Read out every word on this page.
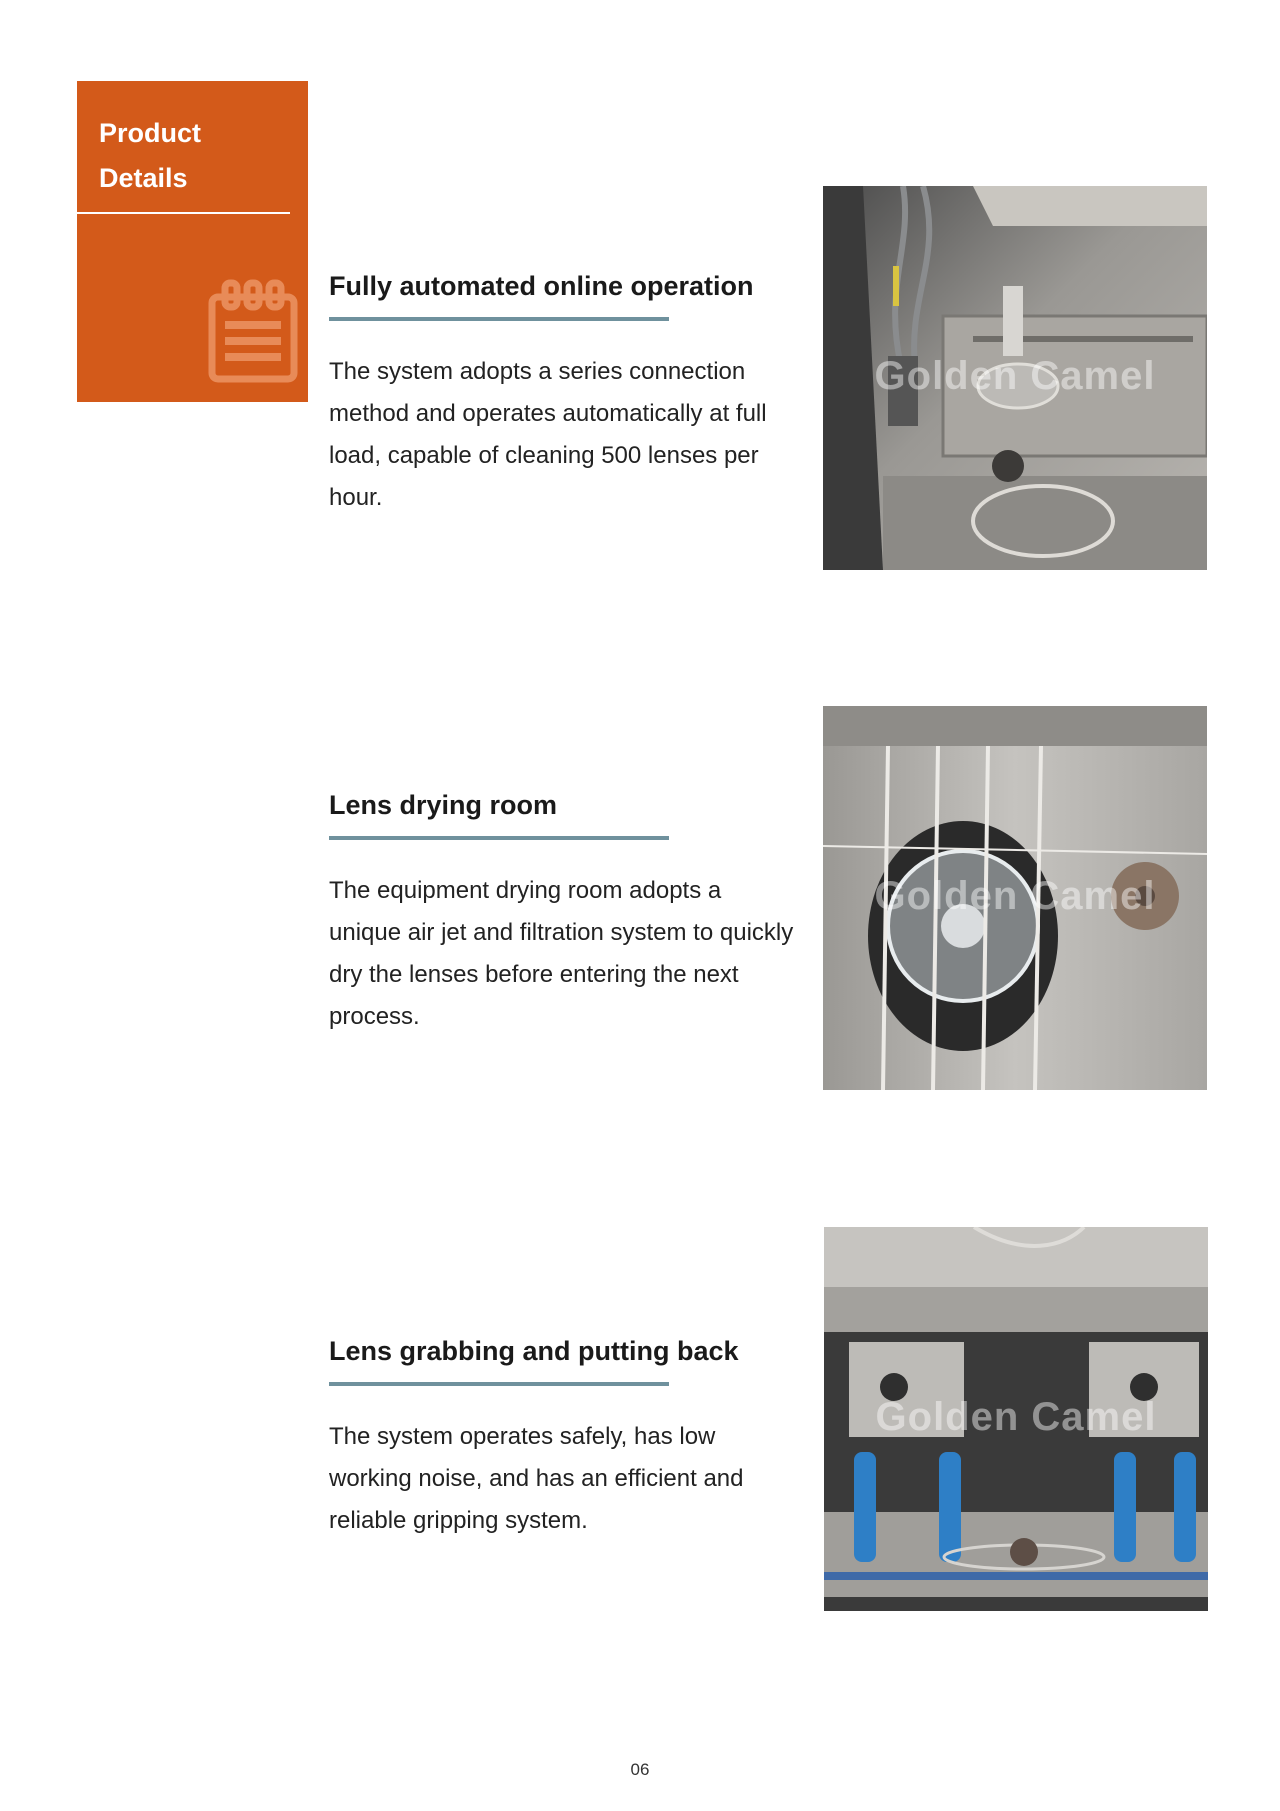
Product
Details
Fully automated online operation

The system adopts a series connection method and operates automatically at full load, capable of cleaning 500 lenses per hour.

Golden Camel
Lens drying room

The equipment drying room adopts a unique air jet and filtration system to quickly dry the lenses before entering the next process.

Golden Camel
Lens grabbing and putting back

The system operates safely, has low working noise, and has an efficient and reliable gripping system.

Golden Camel
06
